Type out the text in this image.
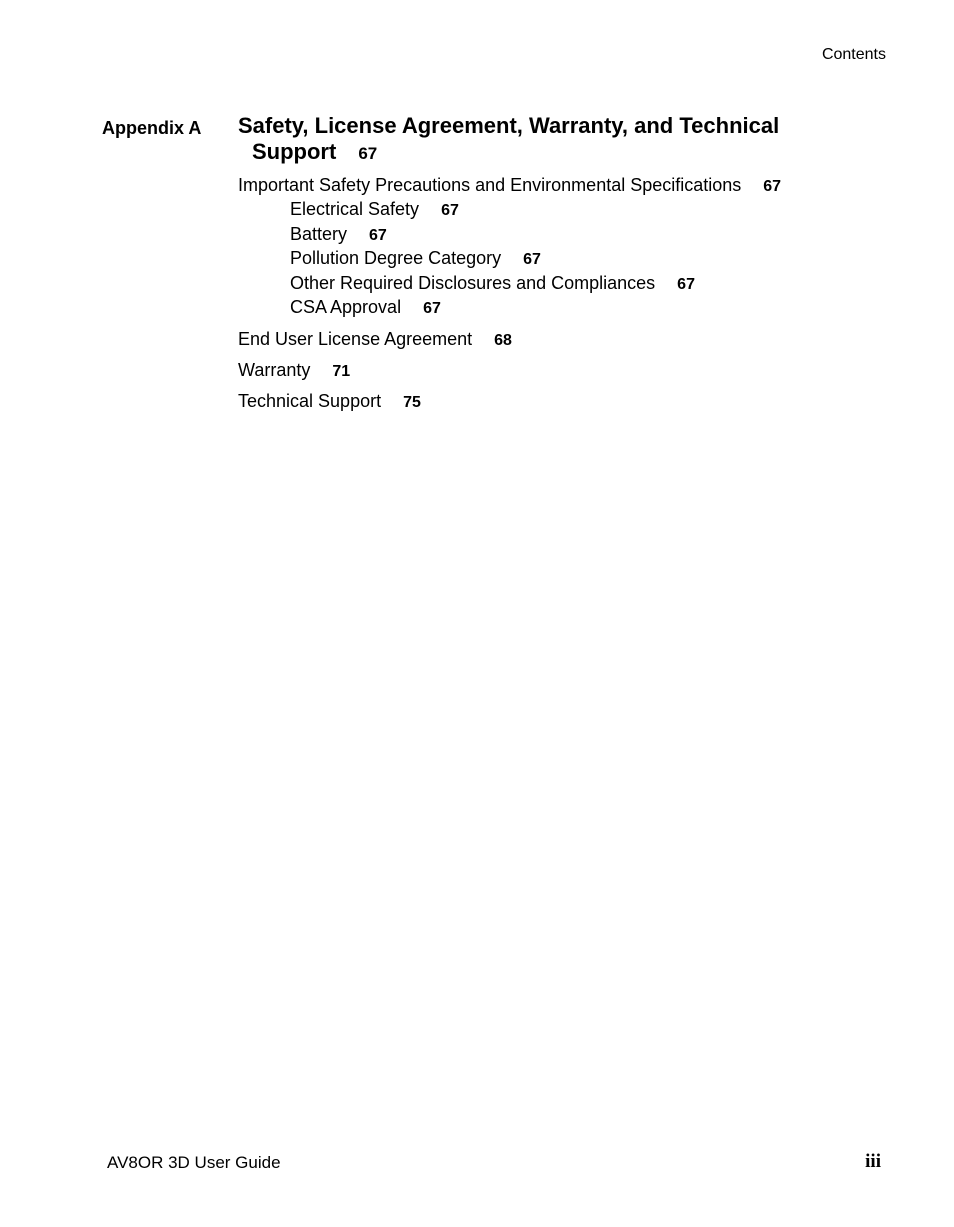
Contents
Appendix A Safety, License Agreement, Warranty, and Technical Support 67
Important Safety Precautions and Environmental Specifications 67
Electrical Safety 67
Battery 67
Pollution Degree Category 67
Other Required Disclosures and Compliances 67
CSA Approval 67
End User License Agreement 68
Warranty 71
Technical Support 75
AV8OR 3D User Guide	iii
